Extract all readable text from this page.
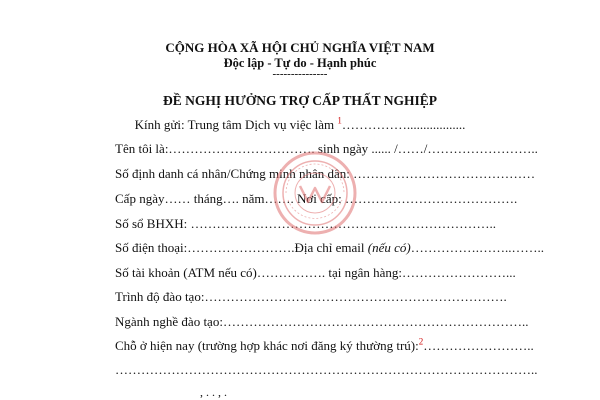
CỘNG HÒA XÃ HỘI CHỦ NGHĨA VIỆT NAM
Độc lập - Tự do - Hạnh phúc
---------------
ĐỀ NGHỊ HƯỞNG TRỢ CẤP THẤT NGHIỆP
Kính gửi: Trung tâm Dịch vụ việc làm $^1$……………..................
Tên tôi là:……………………………. sinh ngày ...... /……/……………………..
Số định danh cá nhân/Chứng minh nhân dân: ……………………………………
Cấp ngày…… tháng…. năm……. Nơi cấp: ………………………………….
Số sổ BHXH: ……………………………………………………………..
Số điện thoại:…………………….Địa chỉ email (nếu có)…………….……..……..
Số tài khoản (ATM nếu có)……………. tại ngân hàng:……………………...
Trình độ đào tạo:…………………………………………………………….
Ngành nghề đào tạo:……………………………………………………………..
Chỗ ở hiện nay (trường hợp khác nơi đăng ký thường trú):$^2$……………………..
……………………………………………………………………………………..
, . . , .
